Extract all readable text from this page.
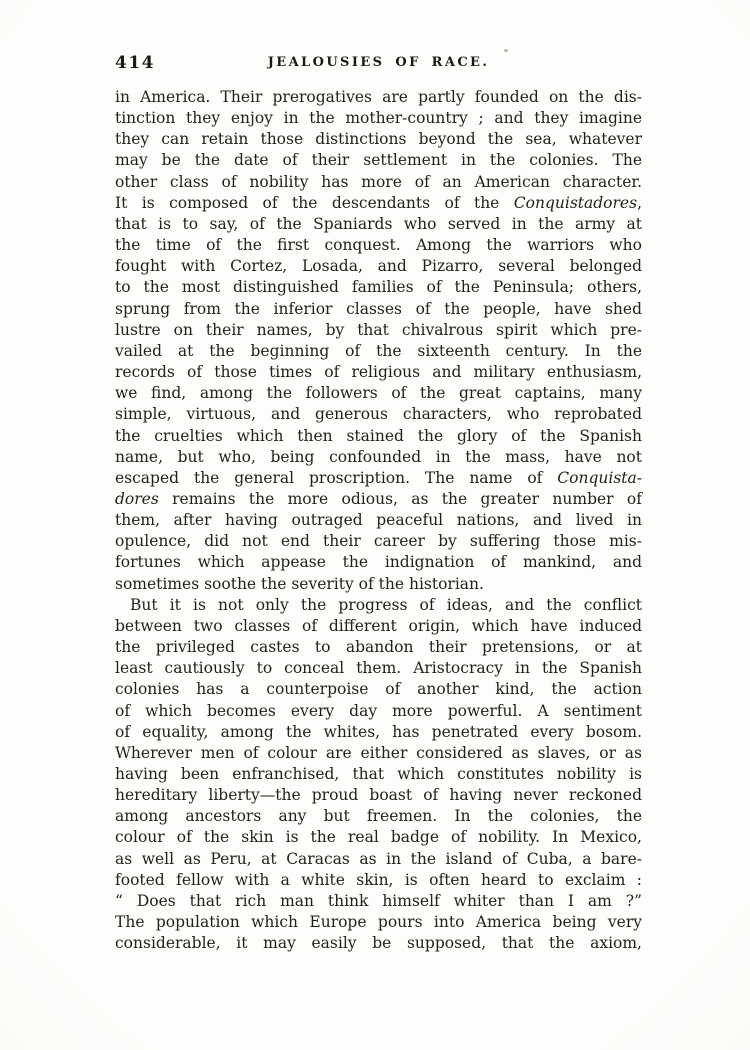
414	JEALOUSIES OF RACE.
in America. Their prerogatives are partly founded on the dis-
tinction they enjoy in the mother-country ; and they imagine
they can retain those distinctions beyond the sea, whatever
may be the date of their settlement in the colonies. The
other class of nobility has more of an American character.
It is composed of the descendants of the Conquistadores,
that is to say, of the Spaniards who served in the army at
the time of the first conquest. Among the warriors who
fought with Cortez, Losada, and Pizarro, several belonged
to the most distinguished families of the Peninsula; others,
sprung from the inferior classes of the people, have shed
lustre on their names, by that chivalrous spirit which pre-
vailed at the beginning of the sixteenth century. In the
records of those times of religious and military enthusiasm,
we find, among the followers of the great captains, many
simple, virtuous, and generous characters, who reprobated
the cruelties which then stained the glory of the Spanish
name, but who, being confounded in the mass, have not
escaped the general proscription. The name of Conquista-
dores remains the more odious, as the greater number of
them, after having outraged peaceful nations, and lived in
opulence, did not end their career by suffering those mis-
fortunes which appease the indignation of mankind, and
sometimes soothe the severity of the historian.
But it is not only the progress of ideas, and the conflict
between two classes of different origin, which have induced
the privileged castes to abandon their pretensions, or at
least cautiously to conceal them. Aristocracy in the Spanish
colonies has a counterpoise of another kind, the action
of which becomes every day more powerful. A sentiment
of equality, among the whites, has penetrated every bosom.
Wherever men of colour are either considered as slaves, or as
having been enfranchised, that which constitutes nobility is
hereditary liberty—the proud boast of having never reckoned
among ancestors any but freemen. In the colonies, the
colour of the skin is the real badge of nobility. In Mexico,
as well as Peru, at Caracas as in the island of Cuba, a bare-
footed fellow with a white skin, is often heard to exclaim :
“ Does that rich man think himself whiter than I am ?”
The population which Europe pours into America being very
considerable, it may easily be supposed, that the axiom,
